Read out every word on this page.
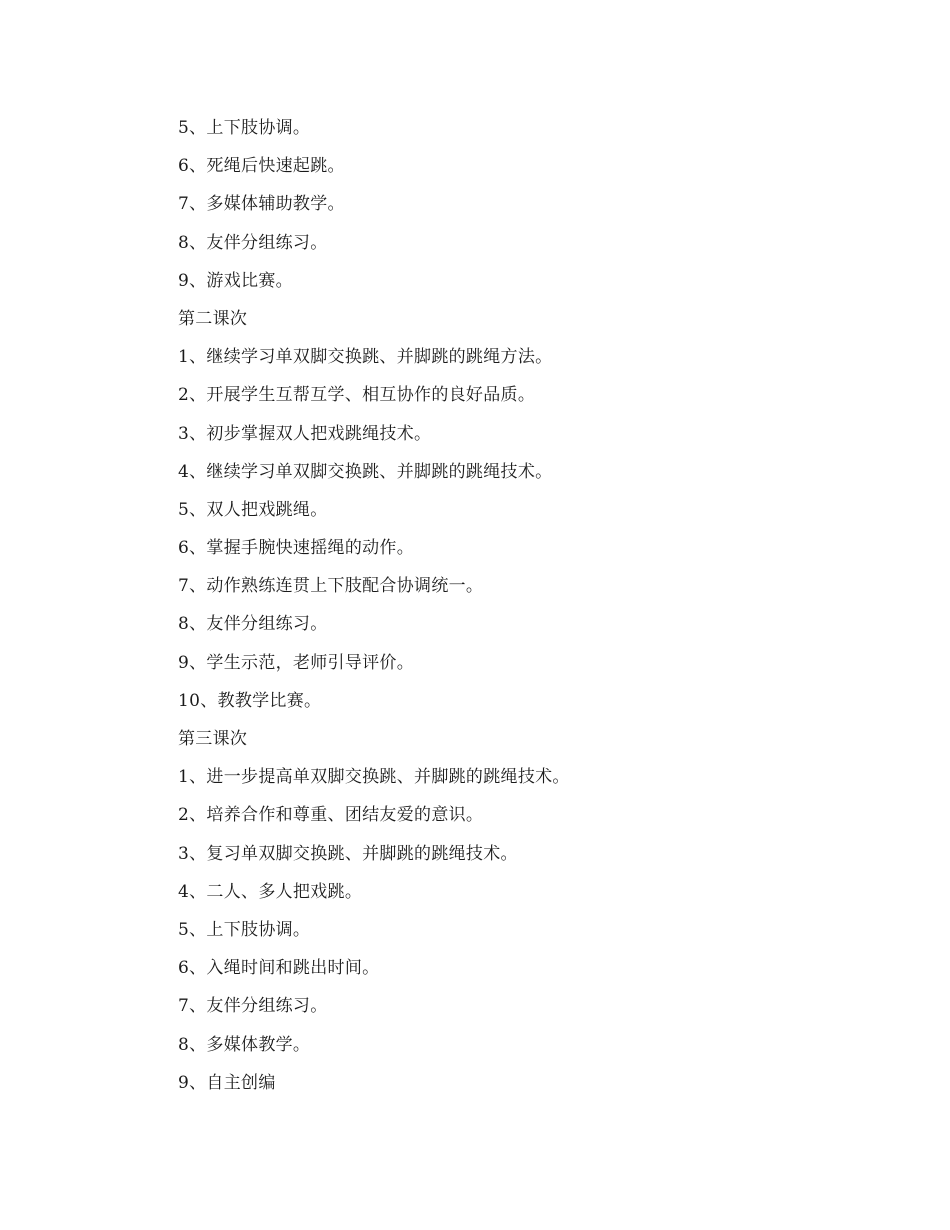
5、上下肢协调。
6、死绳后快速起跳。
7、多媒体辅助教学。
8、友伴分组练习。
9、游戏比赛。
第二课次
1、继续学习单双脚交换跳、并脚跳的跳绳方法。
2、开展学生互帮互学、相互协作的良好品质。
3、初步掌握双人把戏跳绳技术。
4、继续学习单双脚交换跳、并脚跳的跳绳技术。
5、双人把戏跳绳。
6、掌握手腕快速摇绳的动作。
7、动作熟练连贯上下肢配合协调统一。
8、友伴分组练习。
9、学生示范，老师引导评价。
10、教教学比赛。
第三课次
1、进一步提高单双脚交换跳、并脚跳的跳绳技术。
2、培养合作和尊重、团结友爱的意识。
3、复习单双脚交换跳、并脚跳的跳绳技术。
4、二人、多人把戏跳。
5、上下肢协调。
6、入绳时间和跳出时间。
7、友伴分组练习。
8、多媒体教学。
9、自主创编
